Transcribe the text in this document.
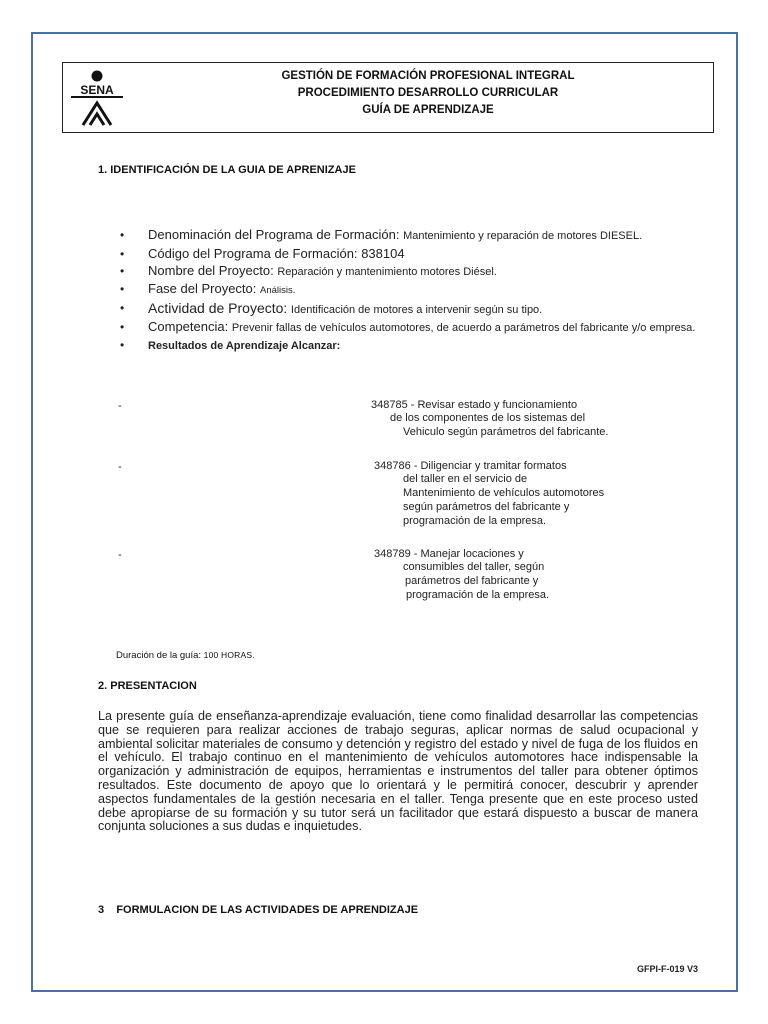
SENA
GESTIÓN DE FORMACIÓN PROFESIONAL INTEGRAL
PROCEDIMIENTO DESARROLLO CURRICULAR
GUÍA DE APRENDIZAJE
1. IDENTIFICACIÓN DE LA GUIA DE APRENIZAJE
•	Denominación del Programa de Formación: Mantenimiento y reparación de motores DIESEL.
•	Código del Programa de Formación: 838104
•	Nombre del Proyecto: Reparación y mantenimiento motores Diésel.
•	Fase del Proyecto: Análisis.
•	Actividad de Proyecto: Identificación de motores a intervenir según su tipo.
•	Competencia: Prevenir fallas de vehículos automotores, de acuerdo a parámetros del fabricante y/o empresa.
•	Resultados de Aprendizaje Alcanzar:
-	348785 - Revisar estado y funcionamiento
de los componentes de los sistemas del
Vehiculo según parámetros del fabricante.
-	348786 - Diligenciar y tramitar formatos
del taller en el servicio de
Mantenimiento de vehículos automotores
según parámetros del fabricante y
programación de la empresa.
-	348789 - Manejar locaciones y
consumibles del taller, según
parámetros del fabricante y
programación de la empresa.
Duración de la guía: 100 HORAS.
2. PRESENTACION
La presente guía de enseñanza-aprendizaje evaluación, tiene como finalidad desarrollar las competencias que se requieren para realizar acciones de trabajo seguras, aplicar normas de salud ocupacional y ambiental solicitar materiales de consumo y detención y registro del estado y nivel de fuga de los fluidos en el vehículo. El trabajo continuo en el mantenimiento de vehículos automotores hace indispensable la organización y administración de equipos, herramientas e instrumentos del taller para obtener óptimos resultados. Este documento de apoyo que lo orientará y le permitirá conocer, descubrir y aprender aspectos fundamentales de la gestión necesaria en el taller. Tenga presente que en este proceso usted debe apropiarse de su formación y su tutor será un facilitador que estará dispuesto a buscar de manera conjunta soluciones a sus dudas e inquietudes.
3    FORMULACION DE LAS ACTIVIDADES DE APRENDIZAJE
GFPI-F-019 V3
